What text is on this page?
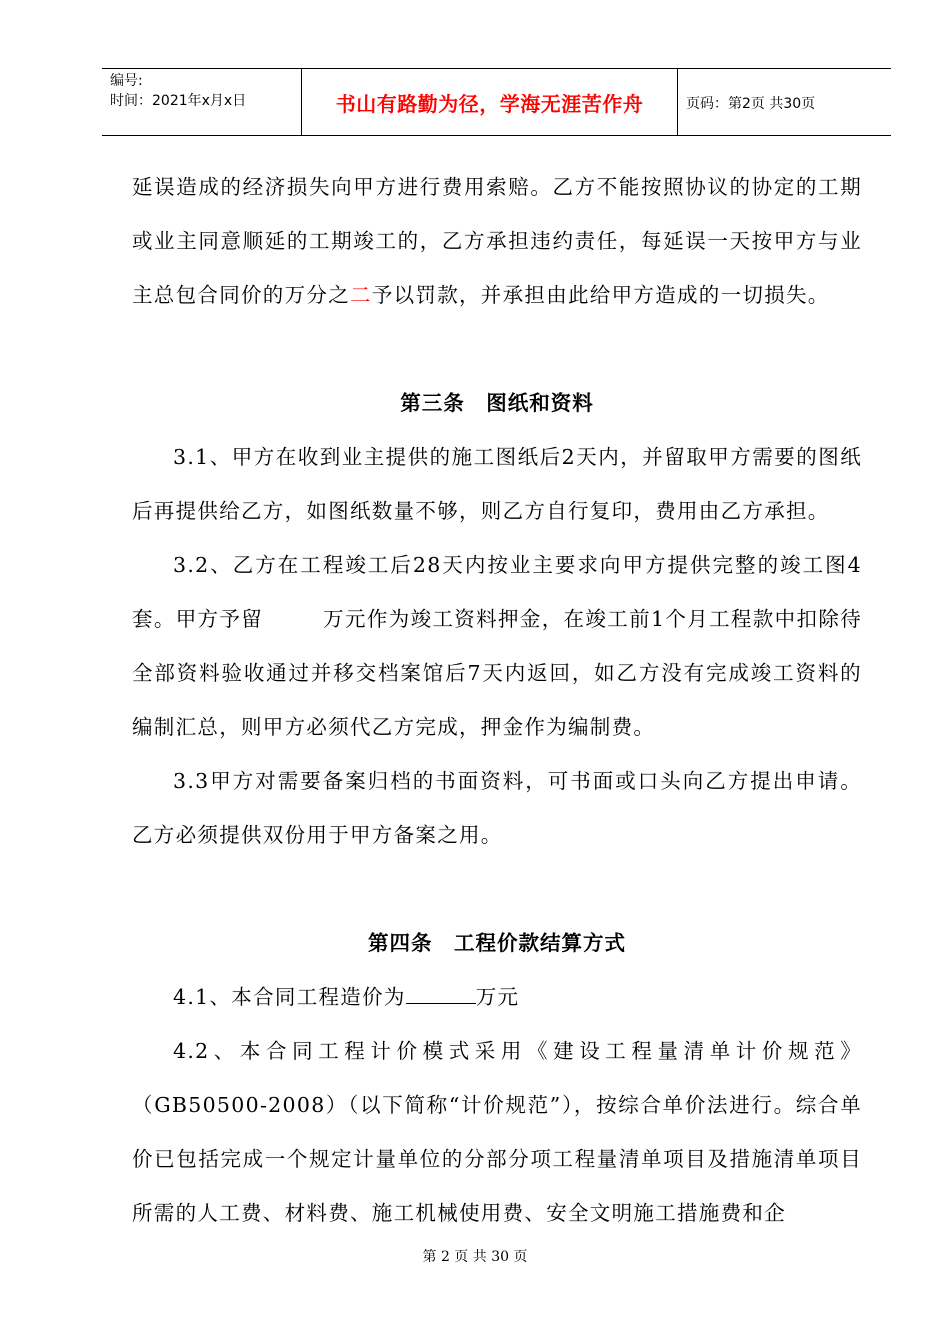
编号:
时间：2021年x月x日	书山有路勤为径，学海无涯苦作舟	页码：第2页 共30页

延误造成的经济损失向甲方进行费用索赔。乙方不能按照协议的协定的工期或业主同意顺延的工期竣工的，乙方承担违约责任，每延误一天按甲方与业主总包合同价的万分之二予以罚款，并承担由此给甲方造成的一切损失。

第三条　图纸和资料

3.1、甲方在收到业主提供的施工图纸后2天内，并留取甲方需要的图纸后再提供给乙方，如图纸数量不够，则乙方自行复印，费用由乙方承担。

3.2、乙方在工程竣工后28天内按业主要求向甲方提供完整的竣工图4套。甲方予留	万元作为竣工资料押金，在竣工前1个月工程款中扣除待全部资料验收通过并移交档案馆后7天内返回，如乙方没有完成竣工资料的编制汇总，则甲方必须代乙方完成，押金作为编制费。

3.3甲方对需要备案归档的书面资料，可书面或口头向乙方提出申请。乙方必须提供双份用于甲方备案之用。

第四条　工程价款结算方式

4.1、本合同工程造价为	万元

4.2、本合同工程计价模式采用《建设工程量清单计价规范》（GB50500-2008）（以下简称“计价规范”），按综合单价法进行。综合单价已包括完成一个规定计量单位的分部分项工程量清单项目及措施清单项目所需的人工费、材料费、施工机械使用费、安全文明施工措施费和企

第 2 页 共 30 页
